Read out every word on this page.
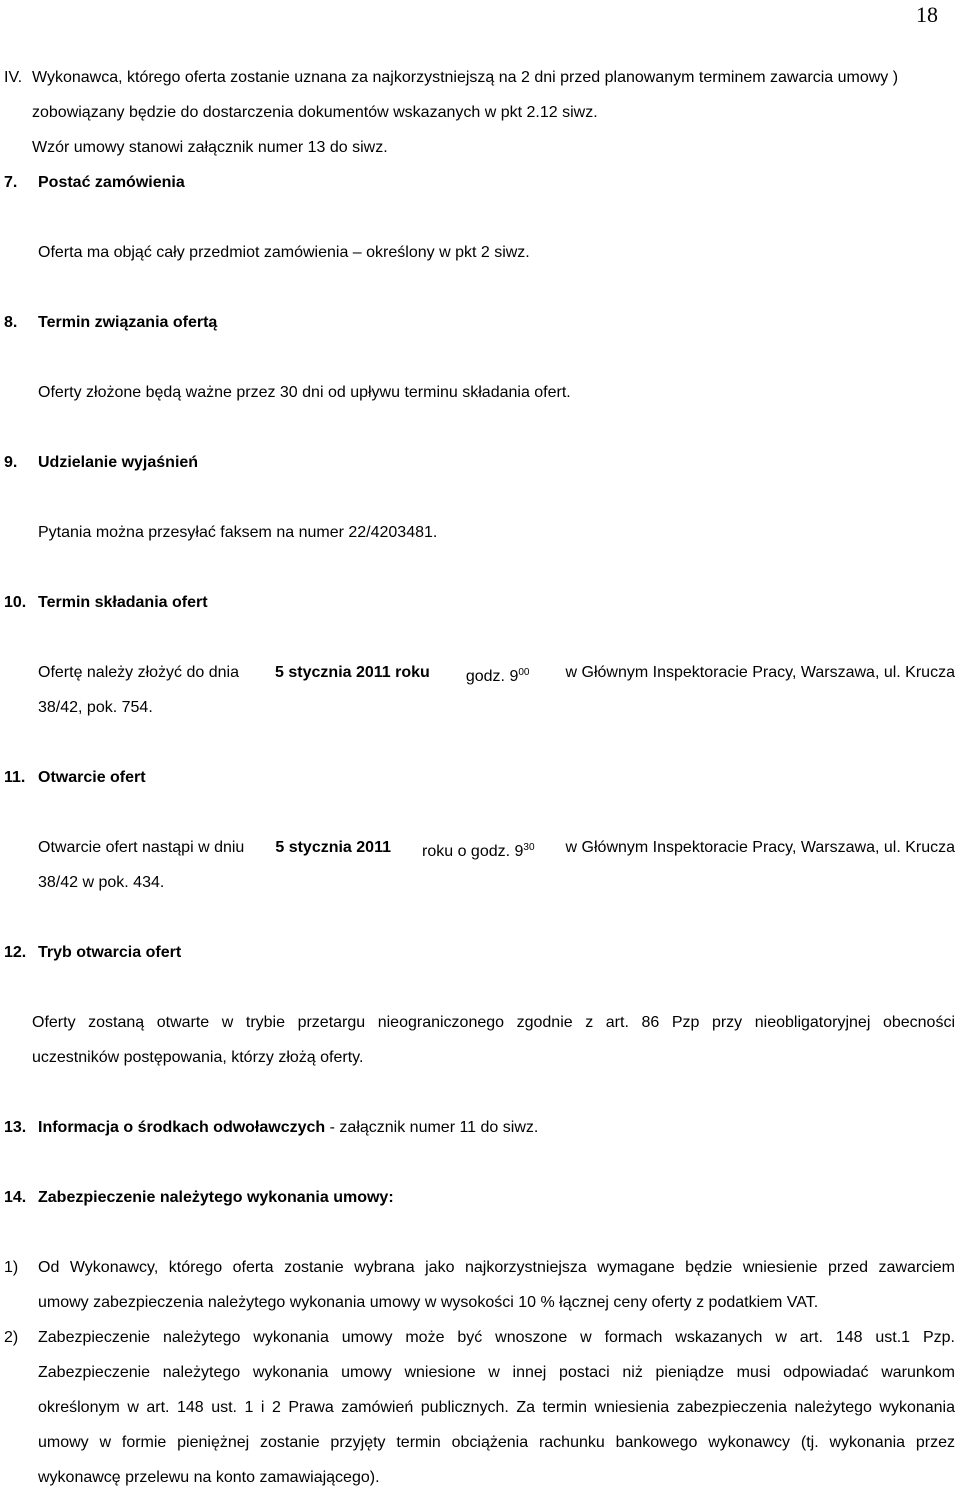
18
IV. Wykonawca, którego oferta zostanie uznana za najkorzystniejszą na 2 dni przed planowanym terminem zawarcia umowy )
zobowiązany będzie do dostarczenia dokumentów wskazanych w pkt 2.12 siwz.
Wzór umowy stanowi załącznik numer 13 do siwz.
7. Postać zamówienia
Oferta ma objąć cały przedmiot zamówienia – określony w pkt 2 siwz.
8. Termin związania ofertą
Oferty złożone będą ważne przez 30 dni od upływu terminu składania ofert.
9. Udzielanie wyjaśnień
Pytania można przesyłać faksem na numer 22/4203481.
10. Termin składania ofert
Ofertę należy złożyć do dnia 5 stycznia 2011 roku godz. $9^{00}$ w Głównym Inspektoracie Pracy, Warszawa, ul. Krucza
38/42, pok. 754.
11. Otwarcie ofert
Otwarcie ofert nastąpi w dniu 5 stycznia 2011 roku o godz. $9^{30}$ w Głównym Inspektoracie Pracy, Warszawa, ul. Krucza
38/42 w pok. 434.
12. Tryb otwarcia ofert
Oferty zostaną otwarte w trybie przetargu nieograniczonego zgodnie z art. 86 Pzp przy nieobligatoryjnej obecności
uczestników postępowania, którzy złożą oferty.
13. Informacja o środkach odwoławczych - załącznik numer 11 do siwz.
14. Zabezpieczenie należytego wykonania umowy:
1) Od Wykonawcy, którego oferta zostanie wybrana jako najkorzystniejsza wymagane będzie wniesienie przed zawarciem
umowy zabezpieczenia należytego wykonania umowy w wysokości 10 % łącznej ceny oferty z podatkiem VAT.
2) Zabezpieczenie należytego wykonania umowy może być wnoszone w formach wskazanych w art. 148 ust.1 Pzp.
Zabezpieczenie należytego wykonania umowy wniesione w innej postaci niż pieniądze musi odpowiadać warunkom
określonym w art. 148 ust. 1 i 2 Prawa zamówień publicznych. Za termin wniesienia zabezpieczenia należytego wykonania
umowy w formie pieniężnej zostanie przyjęty termin obciążenia rachunku bankowego wykonawcy (tj. wykonania przez
wykonawcę przelewu na konto zamawiającego).
